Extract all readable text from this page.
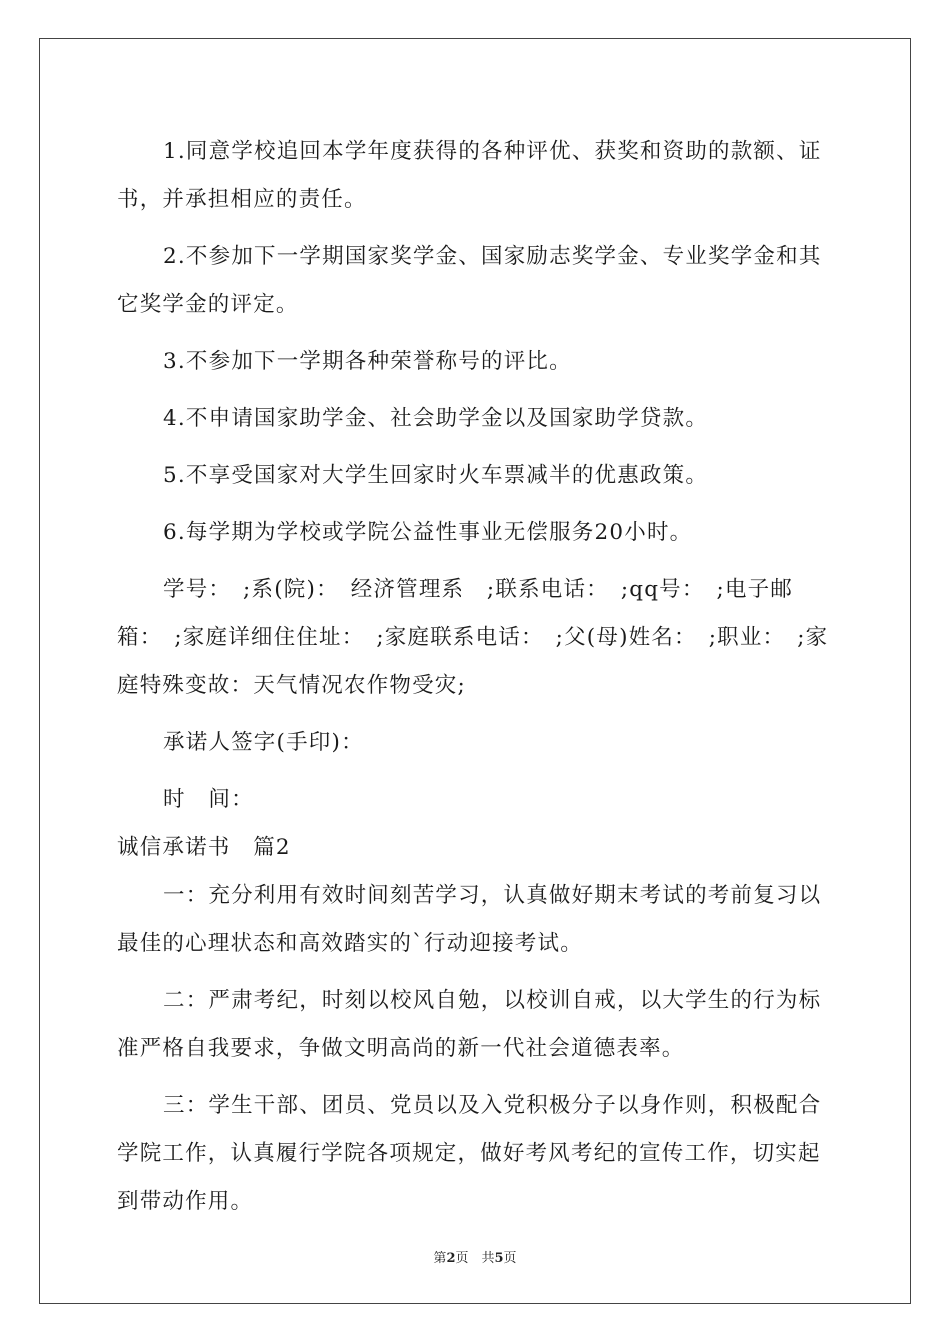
1.同意学校追回本学年度获得的各种评优、获奖和资助的款额、证书，并承担相应的责任。

2.不参加下一学期国家奖学金、国家励志奖学金、专业奖学金和其它奖学金的评定。

3.不参加下一学期各种荣誉称号的评比。

4.不申请国家助学金、社会助学金以及国家助学贷款。

5.不享受国家对大学生回家时火车票减半的优惠政策。

6.每学期为学校或学院公益性事业无偿服务20小时。

学号：　;系(院)：　经济管理系　;联系电话：　;qq号：　;电子邮箱：　;家庭详细住住址：　;家庭联系电话：　;父(母)姓名：　;职业：　;家庭特殊变故：天气情况农作物受灾;

承诺人签字(手印)：

时　间：

诚信承诺书　篇2

一：充分利用有效时间刻苦学习，认真做好期末考试的考前复习以最佳的心理状态和高效踏实的`行动迎接考试。

二：严肃考纪，时刻以校风自勉，以校训自戒，以大学生的行为标准严格自我要求，争做文明高尚的新一代社会道德表率。

三：学生干部、团员、党员以及入党积极分子以身作则，积极配合学院工作，认真履行学院各项规定，做好考风考纪的宣传工作，切实起到带动作用。

第2页　共5页
